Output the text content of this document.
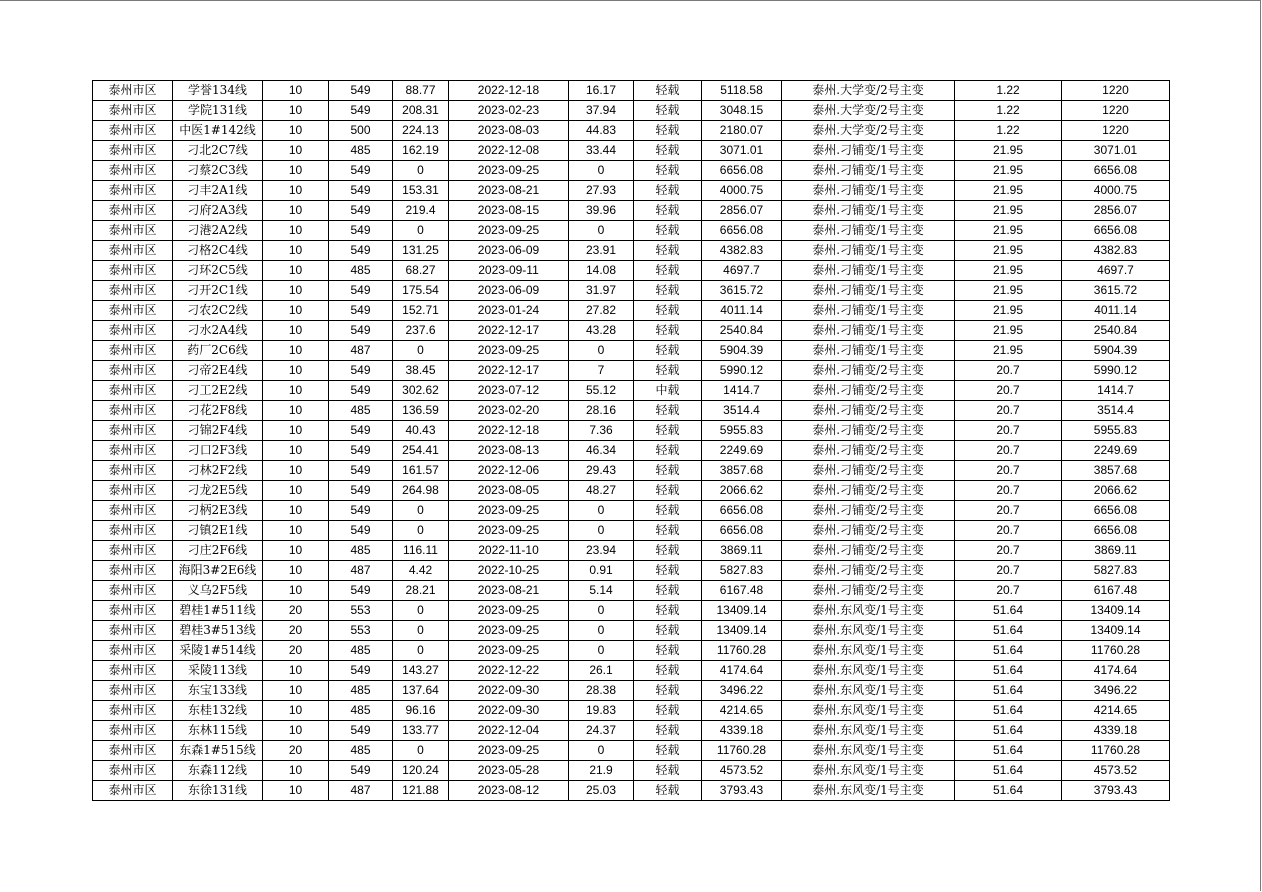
泰州市区	学誉134线	10	549	88.77	2022-12-18	16.17	轻载	5118.58	泰州.大学变/2号主变	1.22	1220
泰州市区	学院131线	10	549	208.31	2023-02-23	37.94	轻载	3048.15	泰州.大学变/2号主变	1.22	1220
泰州市区	中医1#142线	10	500	224.13	2023-08-03	44.83	轻载	2180.07	泰州.大学变/2号主变	1.22	1220
泰州市区	刁北2C7线	10	485	162.19	2022-12-08	33.44	轻载	3071.01	泰州.刁铺变/1号主变	21.95	3071.01
泰州市区	刁蔡2C3线	10	549	0	2023-09-25	0	轻载	6656.08	泰州.刁铺变/1号主变	21.95	6656.08
泰州市区	刁丰2A1线	10	549	153.31	2023-08-21	27.93	轻载	4000.75	泰州.刁铺变/1号主变	21.95	4000.75
泰州市区	刁府2A3线	10	549	219.4	2023-08-15	39.96	轻载	2856.07	泰州.刁铺变/1号主变	21.95	2856.07
泰州市区	刁港2A2线	10	549	0	2023-09-25	0	轻载	6656.08	泰州.刁铺变/1号主变	21.95	6656.08
泰州市区	刁格2C4线	10	549	131.25	2023-06-09	23.91	轻载	4382.83	泰州.刁铺变/1号主变	21.95	4382.83
泰州市区	刁环2C5线	10	485	68.27	2023-09-11	14.08	轻载	4697.7	泰州.刁铺变/1号主变	21.95	4697.7
泰州市区	刁开2C1线	10	549	175.54	2023-06-09	31.97	轻载	3615.72	泰州.刁铺变/1号主变	21.95	3615.72
泰州市区	刁农2C2线	10	549	152.71	2023-01-24	27.82	轻载	4011.14	泰州.刁铺变/1号主变	21.95	4011.14
泰州市区	刁水2A4线	10	549	237.6	2022-12-17	43.28	轻载	2540.84	泰州.刁铺变/1号主变	21.95	2540.84
泰州市区	药厂2C6线	10	487	0	2023-09-25	0	轻载	5904.39	泰州.刁铺变/1号主变	21.95	5904.39
泰州市区	刁帝2E4线	10	549	38.45	2022-12-17	7	轻载	5990.12	泰州.刁铺变/2号主变	20.7	5990.12
泰州市区	刁工2E2线	10	549	302.62	2023-07-12	55.12	中载	1414.7	泰州.刁铺变/2号主变	20.7	1414.7
泰州市区	刁花2F8线	10	485	136.59	2023-02-20	28.16	轻载	3514.4	泰州.刁铺变/2号主变	20.7	3514.4
泰州市区	刁锦2F4线	10	549	40.43	2022-12-18	7.36	轻载	5955.83	泰州.刁铺变/2号主变	20.7	5955.83
泰州市区	刁口2F3线	10	549	254.41	2023-08-13	46.34	轻载	2249.69	泰州.刁铺变/2号主变	20.7	2249.69
泰州市区	刁林2F2线	10	549	161.57	2022-12-06	29.43	轻载	3857.68	泰州.刁铺变/2号主变	20.7	3857.68
泰州市区	刁龙2E5线	10	549	264.98	2023-08-05	48.27	轻载	2066.62	泰州.刁铺变/2号主变	20.7	2066.62
泰州市区	刁柄2E3线	10	549	0	2023-09-25	0	轻载	6656.08	泰州.刁铺变/2号主变	20.7	6656.08
泰州市区	刁镇2E1线	10	549	0	2023-09-25	0	轻载	6656.08	泰州.刁铺变/2号主变	20.7	6656.08
泰州市区	刁庄2F6线	10	485	116.11	2022-11-10	23.94	轻载	3869.11	泰州.刁铺变/2号主变	20.7	3869.11
泰州市区	海阳3#2E6线	10	487	4.42	2022-10-25	0.91	轻载	5827.83	泰州.刁铺变/2号主变	20.7	5827.83
泰州市区	义乌2F5线	10	549	28.21	2023-08-21	5.14	轻载	6167.48	泰州.刁铺变/2号主变	20.7	6167.48
泰州市区	碧桂1#511线	20	553	0	2023-09-25	0	轻载	13409.14	泰州.东风变/1号主变	51.64	13409.14
泰州市区	碧桂3#513线	20	553	0	2023-09-25	0	轻载	13409.14	泰州.东风变/1号主变	51.64	13409.14
泰州市区	采陵1#514线	20	485	0	2023-09-25	0	轻载	11760.28	泰州.东风变/1号主变	51.64	11760.28
泰州市区	采陵113线	10	549	143.27	2022-12-22	26.1	轻载	4174.64	泰州.东风变/1号主变	51.64	4174.64
泰州市区	东宝133线	10	485	137.64	2022-09-30	28.38	轻载	3496.22	泰州.东风变/1号主变	51.64	3496.22
泰州市区	东桂132线	10	485	96.16	2022-09-30	19.83	轻载	4214.65	泰州.东风变/1号主变	51.64	4214.65
泰州市区	东林115线	10	549	133.77	2022-12-04	24.37	轻载	4339.18	泰州.东风变/1号主变	51.64	4339.18
泰州市区	东森1#515线	20	485	0	2023-09-25	0	轻载	11760.28	泰州.东风变/1号主变	51.64	11760.28
泰州市区	东森112线	10	549	120.24	2023-05-28	21.9	轻载	4573.52	泰州.东风变/1号主变	51.64	4573.52
泰州市区	东徐131线	10	487	121.88	2023-08-12	25.03	轻载	3793.43	泰州.东风变/1号主变	51.64	3793.43
